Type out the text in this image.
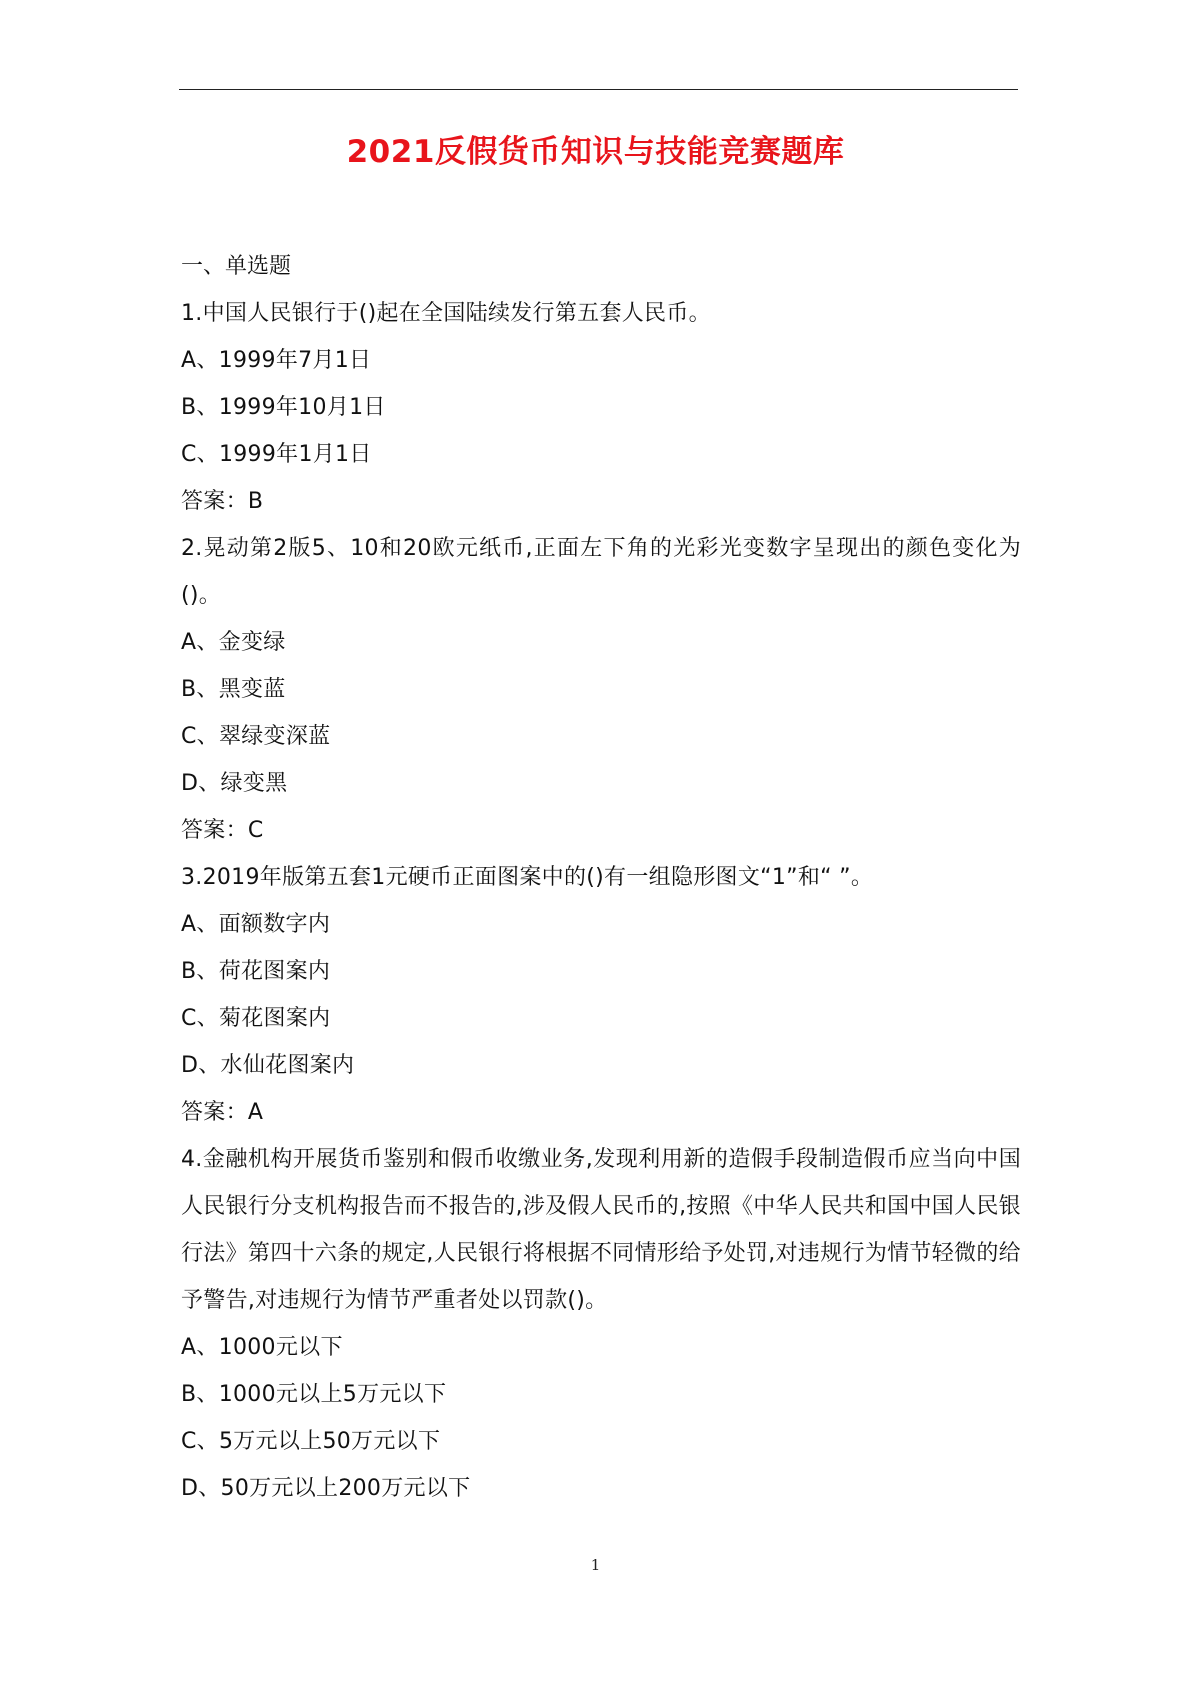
2021反假货币知识与技能竞赛题库
一、单选题
1.中国人民银行于()起在全国陆续发行第五套人民币。
A、1999年7月1日
B、1999年10月1日
C、1999年1月1日
答案：B
2.晃动第2版5、10和20欧元纸币,正面左下角的光彩光变数字呈现出的颜色变化为()。
A、金变绿
B、黑变蓝
C、翠绿变深蓝
D、绿变黑
答案：C
3.2019年版第五套1元硬币正面图案中的()有一组隐形图文“1”和“ ”。
A、面额数字内
B、荷花图案内
C、菊花图案内
D、水仙花图案内
答案：A
4.金融机构开展货币鉴别和假币收缴业务,发现利用新的造假手段制造假币应当向中国人民银行分支机构报告而不报告的,涉及假人民币的,按照《中华人民共和国中国人民银行法》第四十六条的规定,人民银行将根据不同情形给予处罚,对违规行为情节轻微的给予警告,对违规行为情节严重者处以罚款()。
A、1000元以下
B、1000元以上5万元以下
C、5万元以上50万元以下
D、50万元以上200万元以下
1
